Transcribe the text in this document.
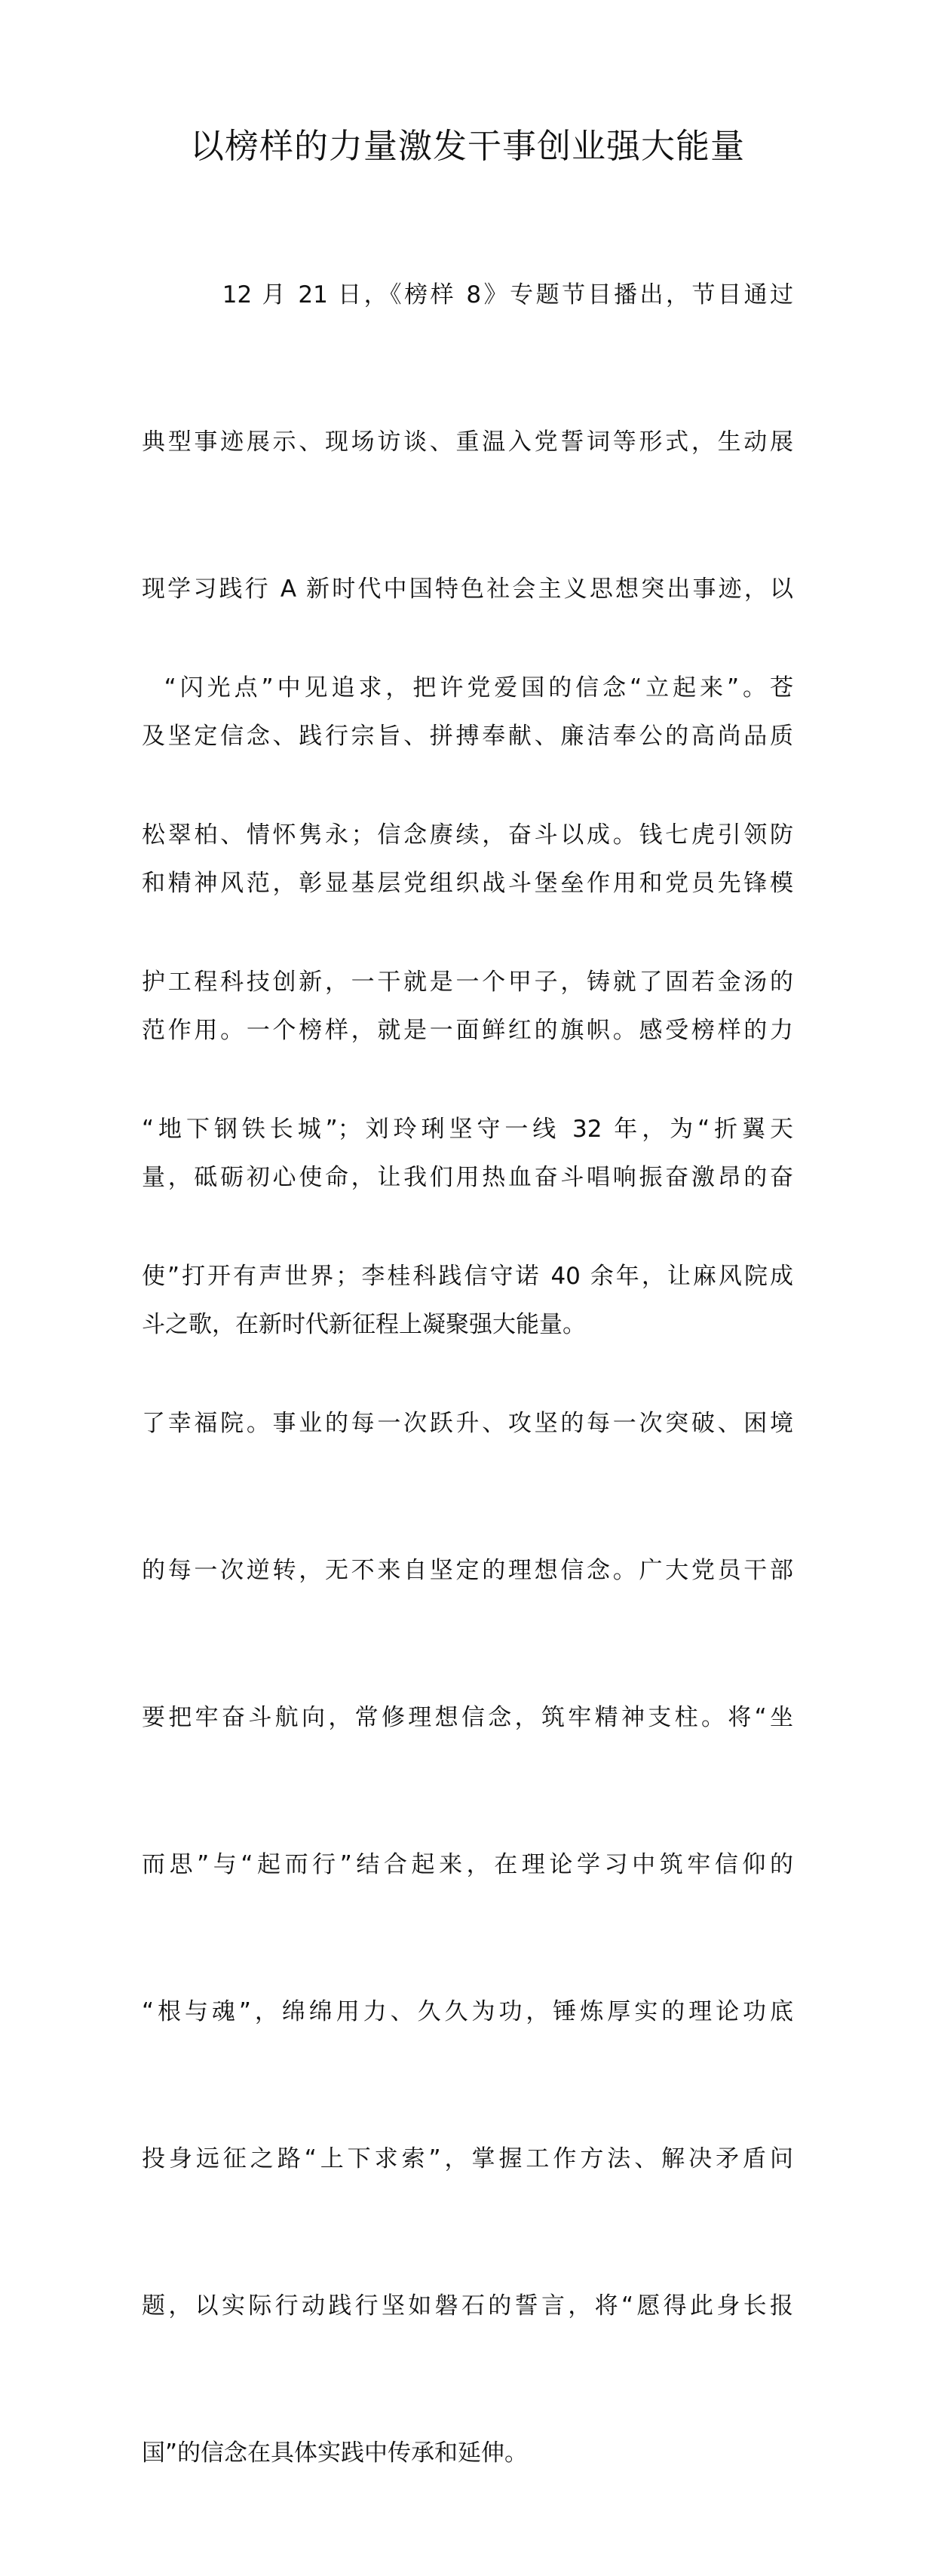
以榜样的力量激发干事创业强大能量

12 月 21 日，《榜样 8》专题节目播出，节目通过

典型事迹展示、现场访谈、重温入党誓词等形式，生动展

现学习践行 A 新时代中国特色社会主义思想突出事迹，以

及坚定信念、践行宗旨、拼搏奉献、廉洁奉公的高尚品质

和精神风范，彰显基层党组织战斗堡垒作用和党员先锋模

范作用。一个榜样，就是一面鲜红的旗帜。感受榜样的力

量，砥砺初心使命，让我们用热血奋斗唱响振奋激昂的奋

斗之歌，在新时代新征程上凝聚强大能量。

“闪光点”中见追求，把许党爱国的信念“立起来”。苍

松翠柏、情怀隽永；信念赓续，奋斗以成。钱七虎引领防

护工程科技创新，一干就是一个甲子，铸就了固若金汤的

“地下钢铁长城”；刘玲琍坚守一线 32 年，为“折翼天

使”打开有声世界；李桂科践信守诺 40 余年，让麻风院成

了幸福院。事业的每一次跃升、攻坚的每一次突破、困境

的每一次逆转，无不来自坚定的理想信念。广大党员干部

要把牢奋斗航向，常修理想信念，筑牢精神支柱。将“坐

而思”与“起而行”结合起来，在理论学习中筑牢信仰的

“根与魂”，绵绵用力、久久为功，锤炼厚实的理论功底

投身远征之路“上下求索”，掌握工作方法、解决矛盾问

题，以实际行动践行坚如磐石的誓言，将“愿得此身长报

国”的信念在具体实践中传承和延伸。
